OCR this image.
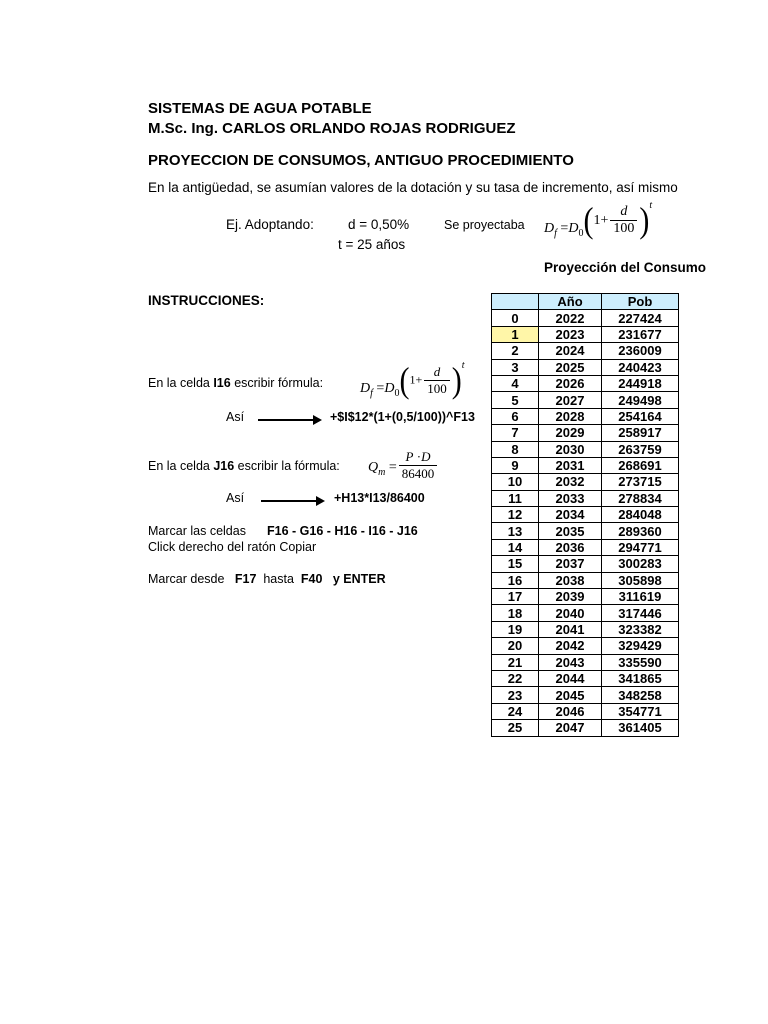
SISTEMAS DE AGUA POTABLE
M.Sc. Ing. CARLOS ORLANDO ROJAS RODRIGUEZ
PROYECCION DE CONSUMOS, ANTIGUO PROCEDIMIENTO
En la antigüedad, se asumían valores de la dotación y su tasa de incremento, así mismo
Ej. Adoptando:	d = 0,50%
t = 25 años
Se proyectaba $D_f =D_0(1+ \frac{d}{100} )^t$
Proyección del Consumo
INSTRUCCIONES:
En la celda I16 escribir fórmula:	$D_f =D_0(1+ \frac{d}{100} )^t$
Así	+$I$12*(1+(0,5/100))^F13
En la celda J16 escribir la fórmula: $Q_m = \frac{P \cdot D}{86400}$
Así	+H13*I13/86400
Marcar las celdas F16 - G16 - H16 - I16 - J16
Click derecho del ratón Copiar
Marcar desde F17 hasta F40 y ENTER
	Año	Pob
0	2022	227424
1	2023	231677
2	2024	236009
3	2025	240423
4	2026	244918
5	2027	249498
6	2028	254164
7	2029	258917
8	2030	263759
9	2031	268691
10	2032	273715
11	2033	278834
12	2034	284048
13	2035	289360
14	2036	294771
15	2037	300283
16	2038	305898
17	2039	311619
18	2040	317446
19	2041	323382
20	2042	329429
21	2043	335590
22	2044	341865
23	2045	348258
24	2046	354771
25	2047	361405
